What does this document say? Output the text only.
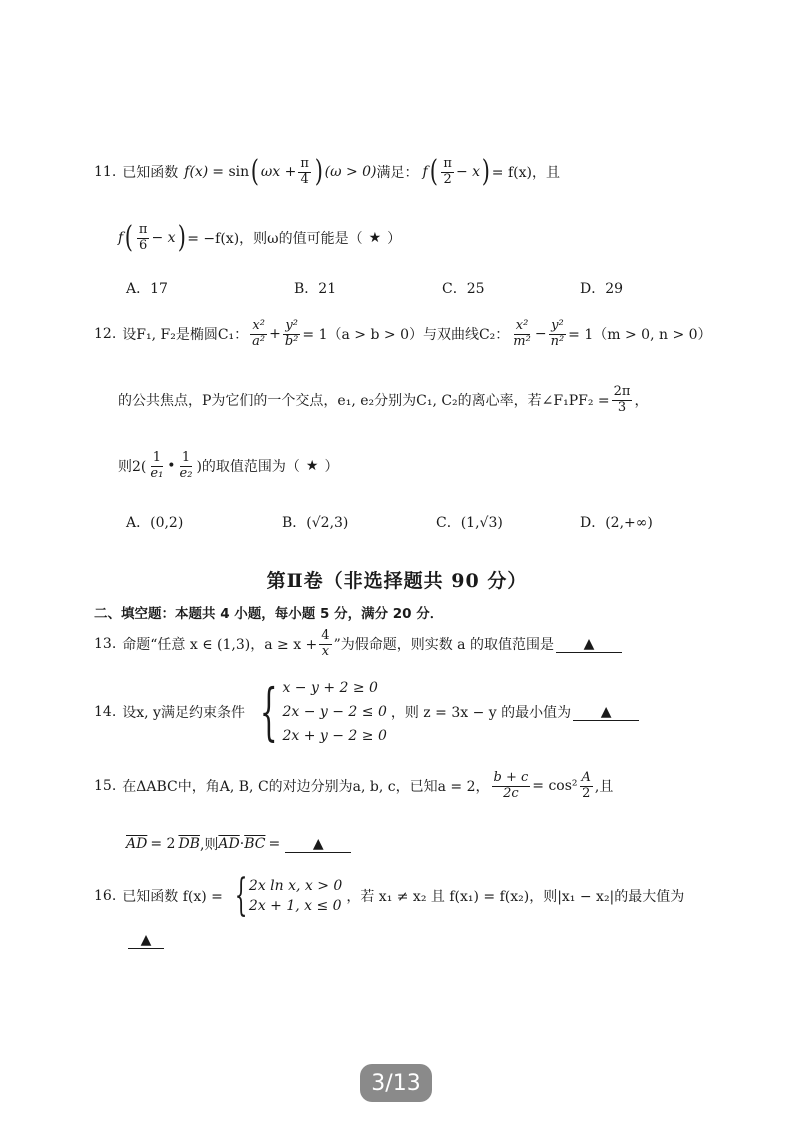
11. 已知函数 f(x) = sin ( $\omega x + \frac{\pi}{4}$ ) (ω > 0) 满足： f ( $\frac{\pi}{2} - x$ ) = f(x)，且
f ( $\frac{\pi}{6} - x$ ) = −f(x)，则ω的值可能是（ ★ ）
A．17	B．21	C．25	D．29
12. 设F₁, F₂是椭圆C₁： $\frac{\text{x²}}{\text{a²}} + \frac{\text{y²}}{\text{b²}} = 1(a > b > 0)$与双曲线C₂： $\frac{\text{x²}}{\text{m²}} - \frac{\text{y²}}{\text{n²}} = 1(m > 0$, n > 0）
的公共焦点，P为它们的一个交点，e₁, e₂分别为C₁, C₂的离心率，若∠F₁PF₂ = $\frac{2\pi}{3}$ ，
则$2( \frac{1}{\text{e₁}}$ • $\frac{1}{\text{e₂}}$ )的取值范围为（ ★ ）
A．(0,2)	B．(√2,3)	C．(1,√3)	D．(2,+∞)
第Ⅱ卷（非选择题共 90 分）
二、填空题：本题共 4 小题，每小题 5 分，满分 20 分．
13. 命题“任意 x ∈ (1,3)，$a \ge x + \frac{4}{x}$ ”为假命题，则实数 a 的取值范围是	▲
14. 设x, y满足约束条件 { x − y + 2 ≥ 0
2x − y − 2 ≤ 0
2x + y − 2 ≥ 0
，则 z = 3x − y 的最小值为	▲
15. 在ΔABC中，角A, B, C的对边分别为a, b, c，已知a = 2， $\frac{b + c}{2c} = \cos^2 \frac{A}{2}$ ,且
$\overline{AD} = 2$ $\overline{DB}$ ,则 $\overline{AD} \cdot \overline{BC}$ =	▲
16. 已知函数 f(x) = { 2x ln x, x > 0
2x + 1, x ≤ 0
，若 x₁ ≠ x₂ 且 f(x₁) = f(x₂)，则|x₁ − x₂|的最大值为
▲
3/13
